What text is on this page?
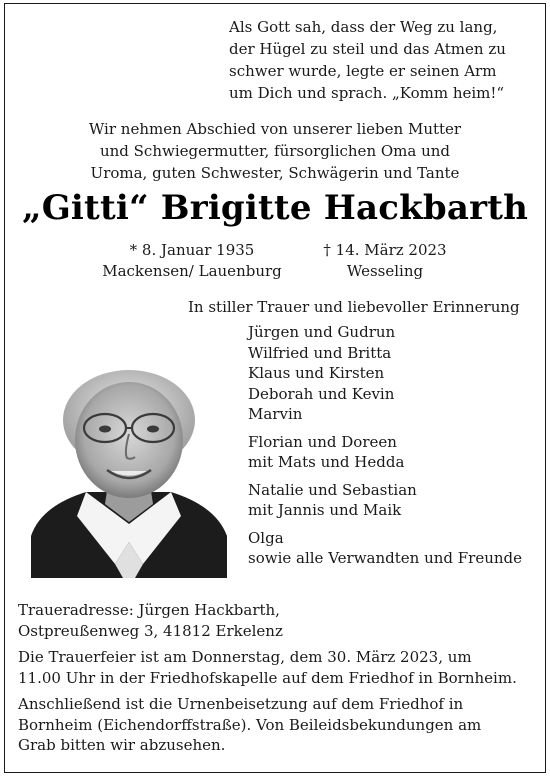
Als Gott sah, dass der Weg zu lang,
der Hügel zu steil und das Atmen zu
schwer wurde, legte er seinen Arm
um Dich und sprach. „Komm heim!“
Wir nehmen Abschied von unserer lieben Mutter
und Schwiegermutter, fürsorglichen Oma und
Uroma, guten Schwester, Schwägerin und Tante
„Gitti“ Brigitte Hackbarth
* 8. Januar 1935
Mackensen/ Lauenburg
† 14. März 2023
Wesseling
In stiller Trauer und liebevoller Erinnerung
Jürgen und Gudrun
Wilfried und Britta
Klaus und Kirsten
Deborah und Kevin
Marvin
Florian und Doreen
mit Mats und Hedda
Natalie und Sebastian
mit Jannis und Maik
Olga
sowie alle Verwandten und Freunde

Traueradresse: Jürgen Hackbarth,
Ostpreußenweg 3, 41812 Erkelenz

Die Trauerfeier ist am Donnerstag, dem 30. März 2023, um
11.00 Uhr in der Friedhofskapelle auf dem Friedhof in Bornheim.

Anschließend ist die Urnenbeisetzung auf dem Friedhof in
Bornheim (Eichendorffstraße). Von Beileidsbekundungen am
Grab bitten wir abzusehen.
